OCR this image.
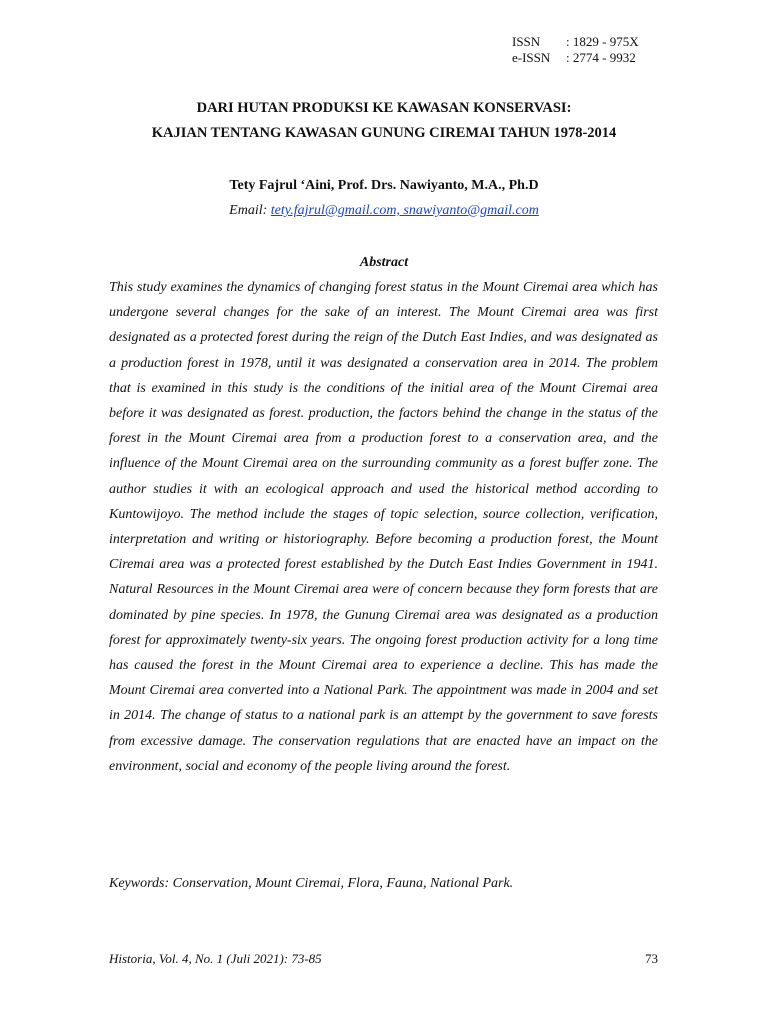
ISSN	: 1829 - 975X
e-ISSN	: 2774 - 9932
DARI HUTAN PRODUKSI KE KAWASAN KONSERVASI:
KAJIAN TENTANG KAWASAN GUNUNG CIREMAI TAHUN 1978-2014
Tety Fajrul ‘Aini, Prof. Drs. Nawiyanto, M.A., Ph.D
Email: tety.fajrul@gmail.com, snawiyanto@gmail.com
Abstract
This study examines the dynamics of changing forest status in the Mount Ciremai area which has undergone several changes for the sake of an interest. The Mount Ciremai area was first designated as a protected forest during the reign of the Dutch East Indies, and was designated as a production forest in 1978, until it was designated a conservation area in 2014. The problem that is examined in this study is the conditions of the initial area of the Mount Ciremai area before it was designated as forest. production, the factors behind the change in the status of the forest in the Mount Ciremai area from a production forest to a conservation area, and the influence of the Mount Ciremai area on the surrounding community as a forest buffer zone. The author studies it with an ecological approach and used the historical method according to Kuntowijoyo. The method include the stages of topic selection, source collection, verification, interpretation and writing or historiography. Before becoming a production forest, the Mount Ciremai area was a protected forest established by the Dutch East Indies Government in 1941. Natural Resources in the Mount Ciremai area were of concern because they form forests that are dominated by pine species. In 1978, the Gunung Ciremai area was designated as a production forest for approximately twenty-six years. The ongoing forest production activity for a long time has caused the forest in the Mount Ciremai area to experience a decline. This has made the Mount Ciremai area converted into a National Park. The appointment was made in 2004 and set in 2014. The change of status to a national park is an attempt by the government to save forests from excessive damage. The conservation regulations that are enacted have an impact on the environment, social and economy of the people living around the forest.
Keywords: Conservation, Mount Ciremai, Flora, Fauna, National Park.
Historia, Vol. 4, No. 1 (Juli 2021): 73-85	73
